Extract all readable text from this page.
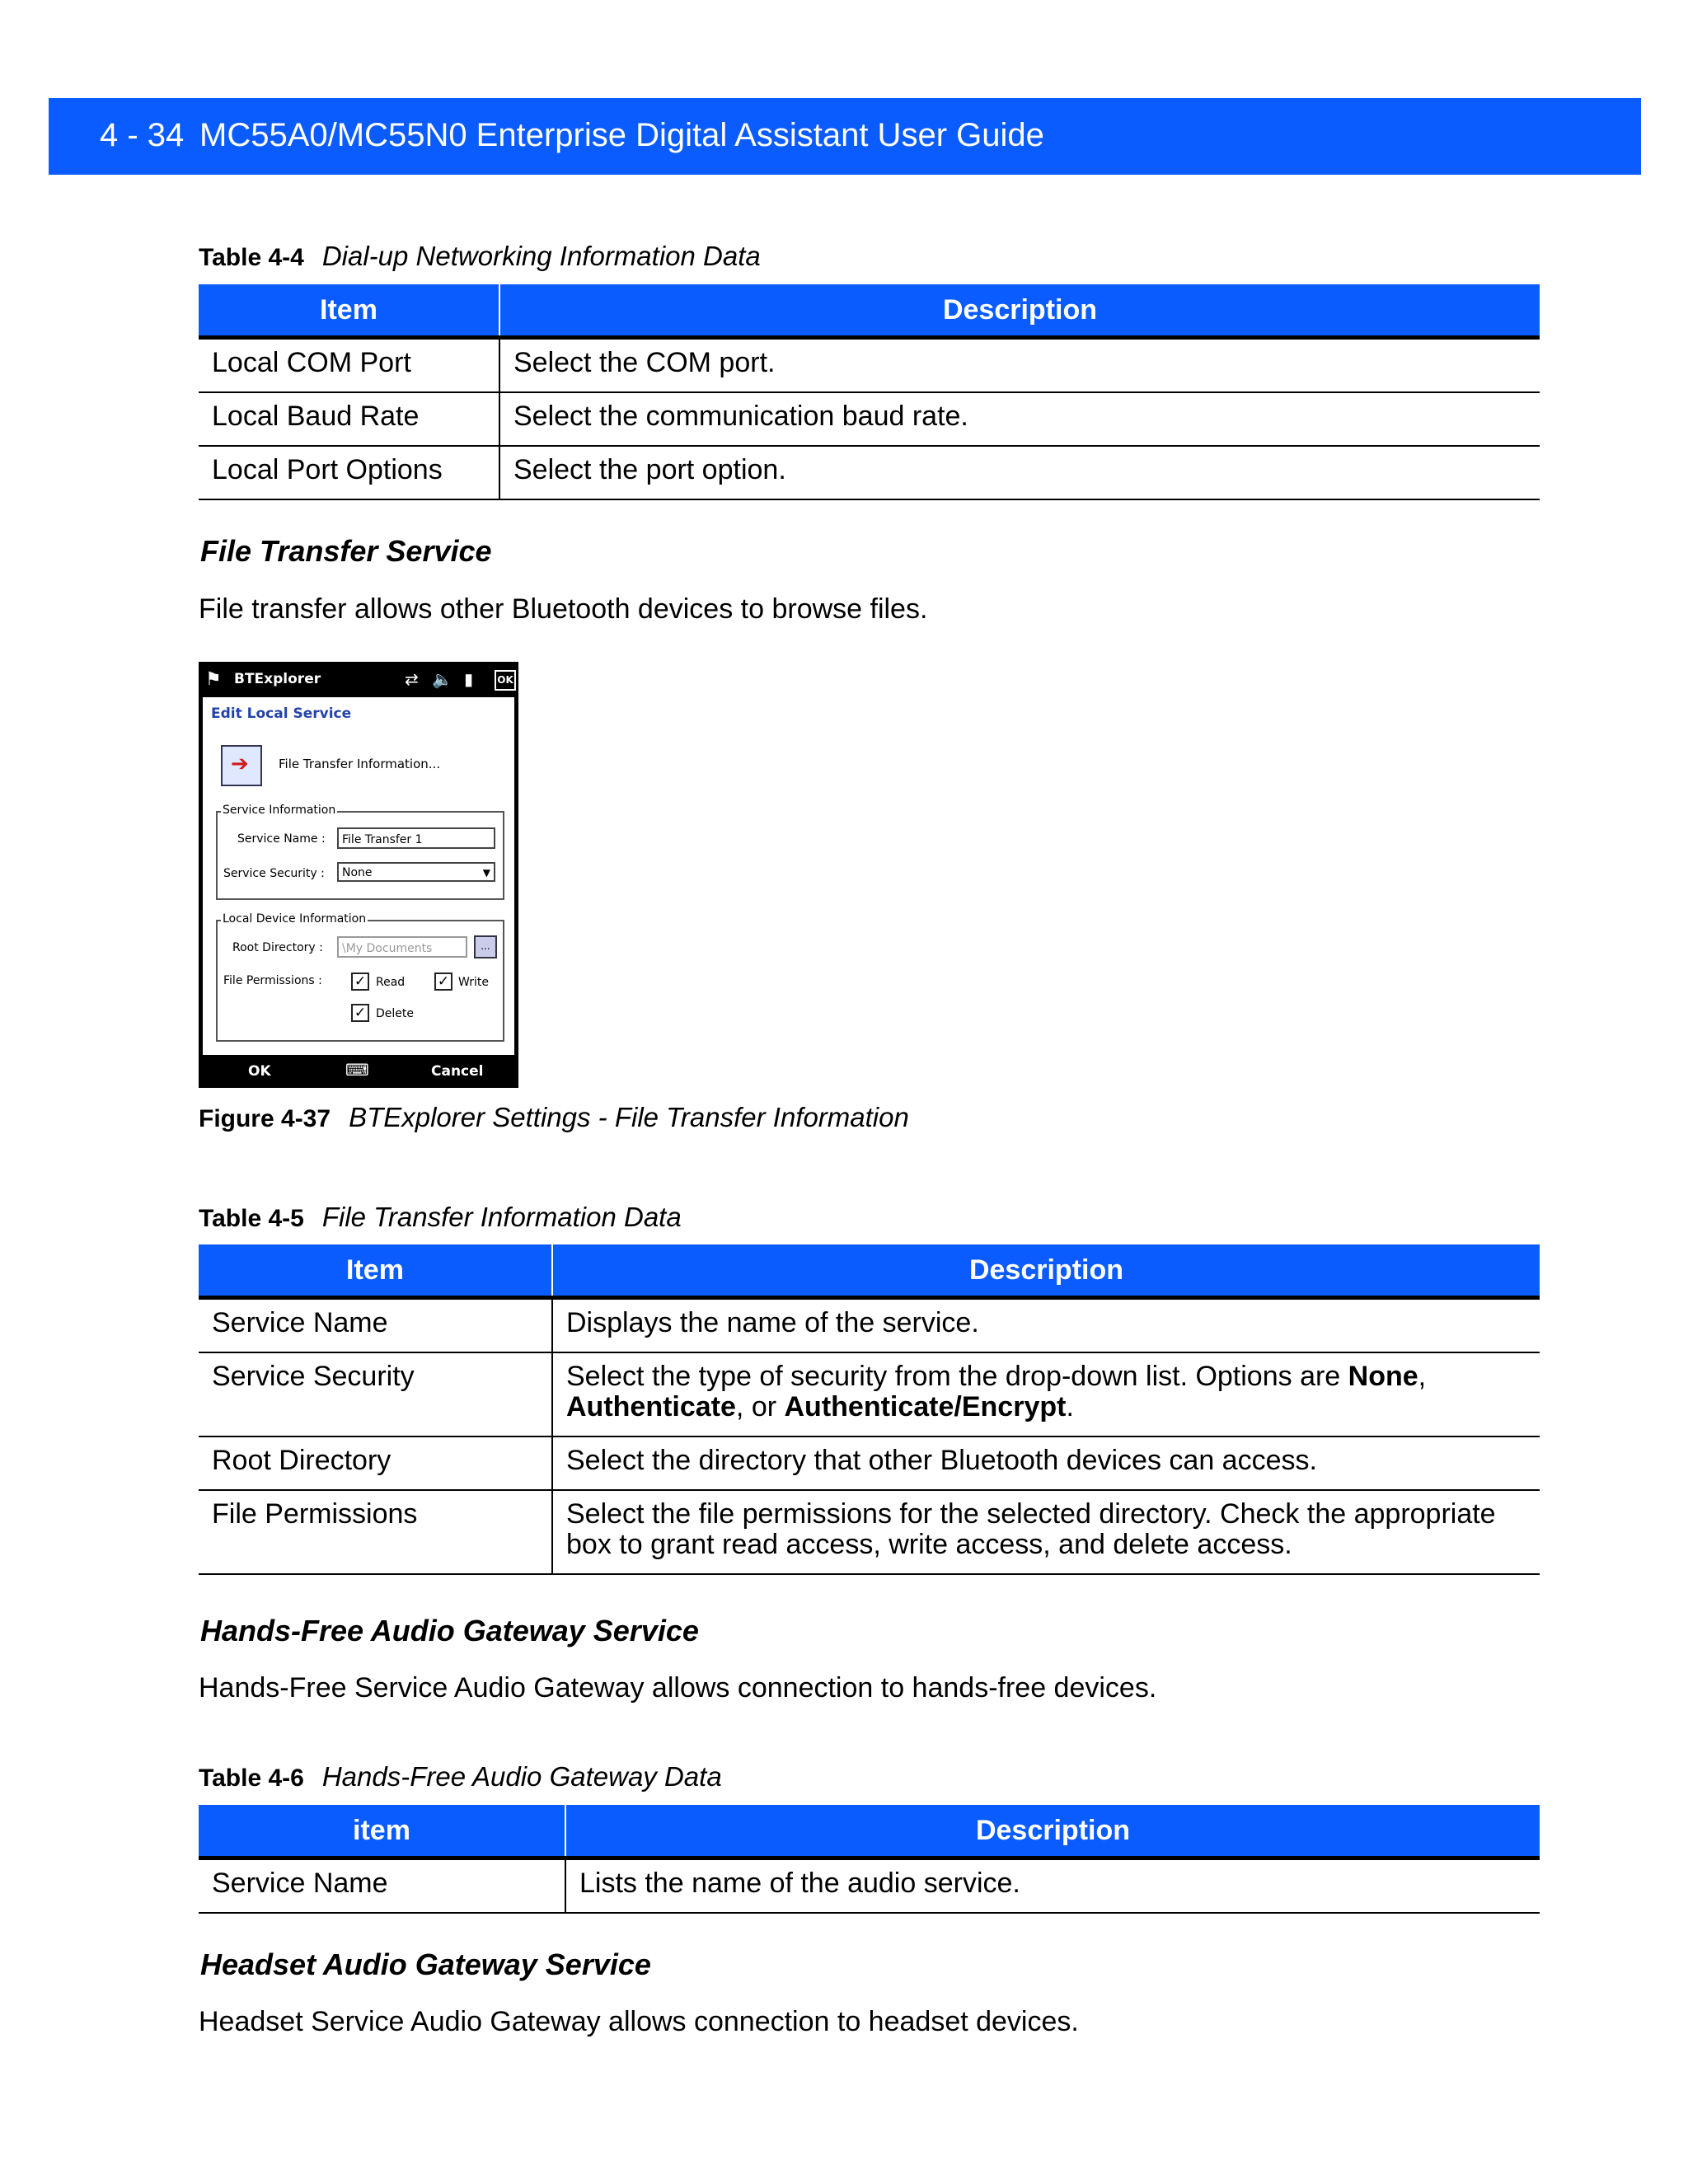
4 - 34 MC55A0/MC55N0 Enterprise Digital Assistant User Guide
Table 4-4 Dial-up Networking Information Data
Item	Description
Local COM Port	Select the COM port.
Local Baud Rate	Select the communication baud rate.
Local Port Options	Select the port option.
File Transfer Service
File transfer allows other Bluetooth devices to browse files.
⚑ BTExplorer	⇄ 🔈 ▮ OK
Edit Local Service
➔ File Transfer Information...
Service Information
Service Name :	File Transfer 1
Service Security :	None	▼
Local Device Information
Root Directory :	\My Documents	...
File Permissions : ✓ Read ✓ Write
✓ Delete
OK	⌨	Cancel
Figure 4-37 BTExplorer Settings - File Transfer Information
Table 4-5 File Transfer Information Data
Item	Description
Service Name	Displays the name of the service.
Service Security	Select the type of security from the drop-down list. Options are None, Authenticate, or Authenticate/Encrypt.
Root Directory	Select the directory that other Bluetooth devices can access.
File Permissions	Select the file permissions for the selected directory. Check the appropriate box to grant read access, write access, and delete access.
Hands-Free Audio Gateway Service
Hands-Free Service Audio Gateway allows connection to hands-free devices.
Table 4-6 Hands-Free Audio Gateway Data
item	Description
Service Name	Lists the name of the audio service.
Headset Audio Gateway Service
Headset Service Audio Gateway allows connection to headset devices.
